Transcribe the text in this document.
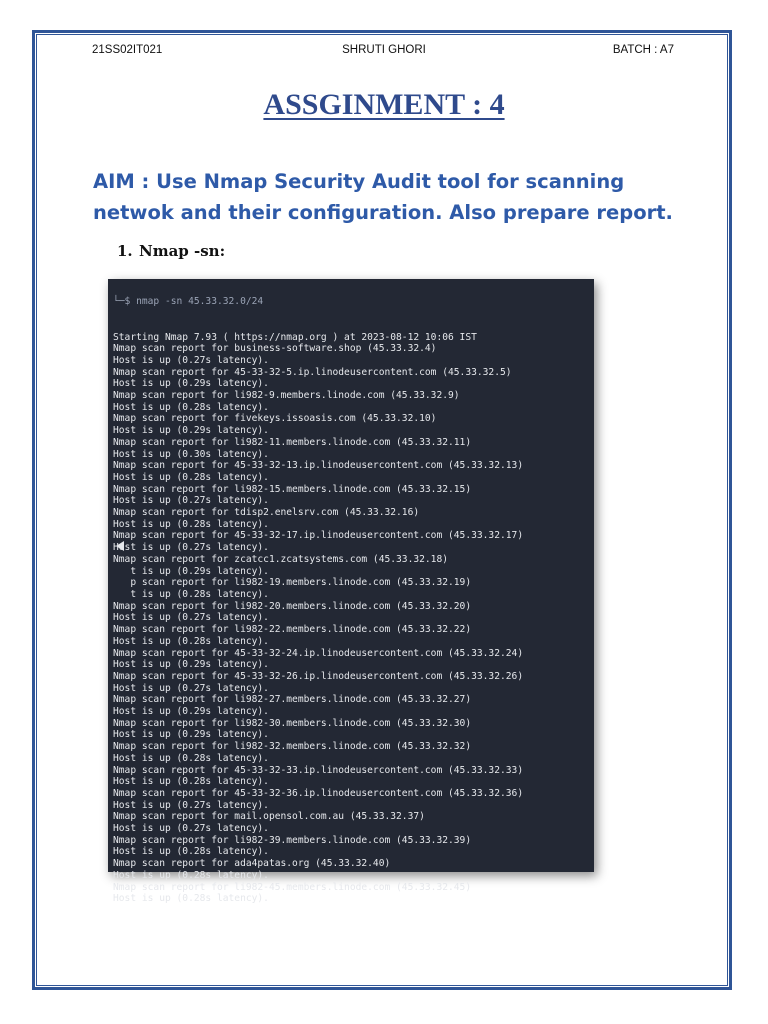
21SS02IT021	SHRUTI GHORI	BATCH : A7
ASSGINMENT : 4
AIM : Use Nmap Security Audit tool for scanning
netwok and their configuration. Also prepare report.
1. Nmap -sn:

└─$ nmap -sn 45.33.32.0/24

Starting Nmap 7.93 ( https://nmap.org ) at 2023-08-12 10:06 IST
Nmap scan report for business-software.shop (45.33.32.4)
Host is up (0.27s latency).
Nmap scan report for 45-33-32-5.ip.linodeusercontent.com (45.33.32.5)
Host is up (0.29s latency).
Nmap scan report for li982-9.members.linode.com (45.33.32.9)
Host is up (0.28s latency).
Nmap scan report for fivekeys.issoasis.com (45.33.32.10)
Host is up (0.29s latency).
Nmap scan report for li982-11.members.linode.com (45.33.32.11)
Host is up (0.30s latency).
Nmap scan report for 45-33-32-13.ip.linodeusercontent.com (45.33.32.13)
Host is up (0.28s latency).
Nmap scan report for li982-15.members.linode.com (45.33.32.15)
Host is up (0.27s latency).
Nmap scan report for tdisp2.enelsrv.com (45.33.32.16)
Host is up (0.28s latency).
Nmap scan report for 45-33-32-17.ip.linodeusercontent.com (45.33.32.17)
Host is up (0.27s latency).
Nmap scan report for zcatcc1.zcatsystems.com (45.33.32.18)
t is up (0.29s latency).
p scan report for li982-19.members.linode.com (45.33.32.19)
t is up (0.28s latency).
Nmap scan report for li982-20.members.linode.com (45.33.32.20)
Host is up (0.27s latency).
Nmap scan report for li982-22.members.linode.com (45.33.32.22)
Host is up (0.28s latency).
Nmap scan report for 45-33-32-24.ip.linodeusercontent.com (45.33.32.24)
Host is up (0.29s latency).
Nmap scan report for 45-33-32-26.ip.linodeusercontent.com (45.33.32.26)
Host is up (0.27s latency).
Nmap scan report for li982-27.members.linode.com (45.33.32.27)
Host is up (0.29s latency).
Nmap scan report for li982-30.members.linode.com (45.33.32.30)
Host is up (0.29s latency).
Nmap scan report for li982-32.members.linode.com (45.33.32.32)
Host is up (0.28s latency).
Nmap scan report for 45-33-32-33.ip.linodeusercontent.com (45.33.32.33)
Host is up (0.28s latency).
Nmap scan report for 45-33-32-36.ip.linodeusercontent.com (45.33.32.36)
Host is up (0.27s latency).
Nmap scan report for mail.opensol.com.au (45.33.32.37)
Host is up (0.27s latency).
Nmap scan report for li982-39.members.linode.com (45.33.32.39)
Host is up (0.28s latency).
Nmap scan report for ada4patas.org (45.33.32.40)
Host is up (0.28s latency).
Nmap scan report for li982-45.members.linode.com (45.33.32.45)
Host is up (0.28s latency).
